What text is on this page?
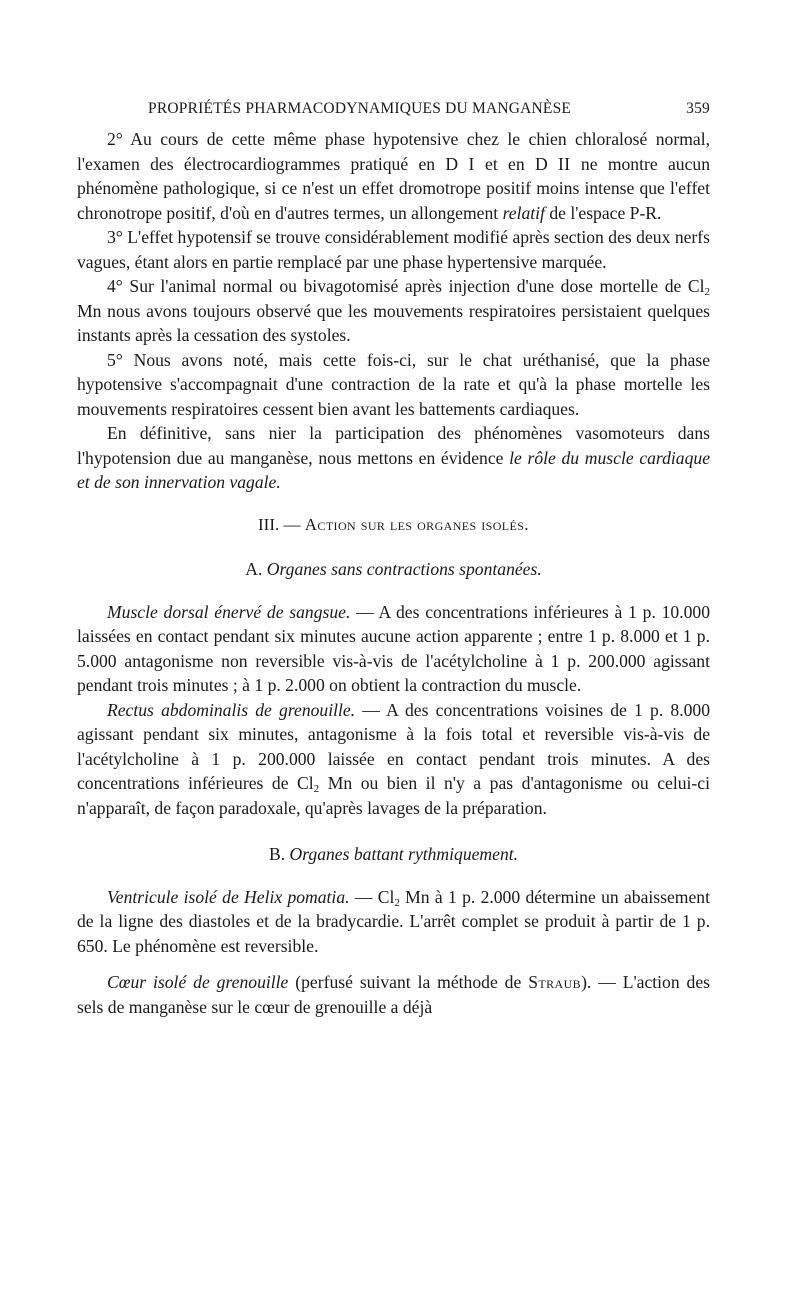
PROPRIÉTÉS PHARMACODYNAMIQUES DU MANGANÈSE	359

2° Au cours de cette même phase hypotensive chez le chien chloralosé normal, l'examen des électrocardiogrammes pratiqué en D I et en D II ne montre aucun phénomène pathologique, si ce n'est un effet dromotrope positif moins intense que l'effet chronotrope positif, d'où en d'autres termes, un allongement relatif de l'espace P-R.

3° L'effet hypotensif se trouve considérablement modifié après section des deux nerfs vagues, étant alors en partie remplacé par une phase hypertensive marquée.

4° Sur l'animal normal ou bivagotomisé après injection d'une dose mortelle de $Cl_2$ Mn nous avons toujours observé que les mouvements respiratoires persistaient quelques instants après la cessation des systoles.

5° Nous avons noté, mais cette fois-ci, sur le chat uréthanisé, que la phase hypotensive s'accompagnait d'une contraction de la rate et qu'à la phase mortelle les mouvements respiratoires cessent bien avant les battements cardiaques.

En définitive, sans nier la participation des phénomènes vasomoteurs dans l'hypotension due au manganèse, nous mettons en évidence le rôle du muscle cardiaque et de son innervation vagale.

III. — Action sur les organes isolés.

A. Organes sans contractions spontanées.

Muscle dorsal énervé de sangsue. — A des concentrations inférieures à 1 p. 10.000 laissées en contact pendant six minutes aucune action apparente ; entre 1 p. 8.000 et 1 p. 5.000 antagonisme non reversible vis-à-vis de l'acétylcholine à 1 p. 200.000 agissant pendant trois minutes ; à 1 p. 2.000 on obtient la contraction du muscle.

Rectus abdominalis de grenouille. — A des concentrations voisines de 1 p. 8.000 agissant pendant six minutes, antagonisme à la fois total et reversible vis-à-vis de l'acétylcholine à 1 p. 200.000 laissée en contact pendant trois minutes. A des concentrations inférieures de $Cl_2$ Mn ou bien il n'y a pas d'antagonisme ou celui-ci n'apparaît, de façon paradoxale, qu'après lavages de la préparation.

B. Organes battant rythmiquement.

Ventricule isolé de Helix pomatia. — $Cl_2$ Mn à 1 p. 2.000 détermine un abaissement de la ligne des diastoles et de la bradycardie. L'arrêt complet se produit à partir de 1 p. 650. Le phénomène est reversible.

Cœur isolé de grenouille (perfusé suivant la méthode de Straub). — L'action des sels de manganèse sur le cœur de grenouille a déjà
